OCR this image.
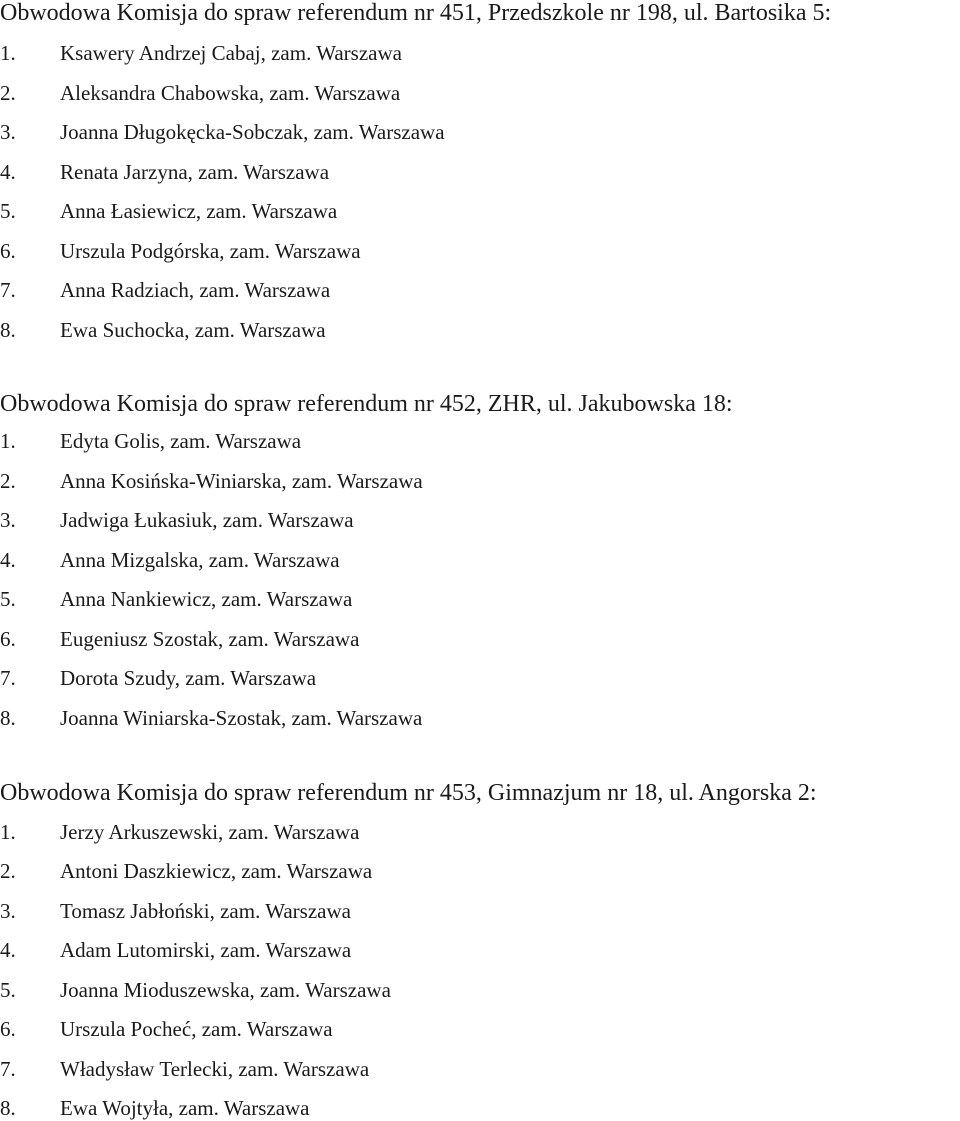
Obwodowa Komisja do spraw referendum nr 451, Przedszkole nr 198, ul. Bartosika 5:
1. Ksawery Andrzej Cabaj, zam. Warszawa
2. Aleksandra Chabowska, zam. Warszawa
3. Joanna Długokęcka-Sobczak, zam. Warszawa
4. Renata Jarzyna, zam. Warszawa
5. Anna Łasiewicz, zam. Warszawa
6. Urszula Podgórska, zam. Warszawa
7. Anna Radziach, zam. Warszawa
8. Ewa Suchocka, zam. Warszawa
Obwodowa Komisja do spraw referendum nr 452, ZHR, ul. Jakubowska 18:
1. Edyta Golis, zam. Warszawa
2. Anna Kosińska-Winiarska, zam. Warszawa
3. Jadwiga Łukasiuk, zam. Warszawa
4. Anna Mizgalska, zam. Warszawa
5. Anna Nankiewicz, zam. Warszawa
6. Eugeniusz Szostak, zam. Warszawa
7. Dorota Szudy, zam. Warszawa
8. Joanna Winiarska-Szostak, zam. Warszawa
Obwodowa Komisja do spraw referendum nr 453, Gimnazjum nr 18, ul. Angorska 2:
1. Jerzy Arkuszewski, zam. Warszawa
2. Antoni Daszkiewicz, zam. Warszawa
3. Tomasz Jabłoński, zam. Warszawa
4. Adam Lutomirski, zam. Warszawa
5. Joanna Mioduszewska, zam. Warszawa
6. Urszula Pocheć, zam. Warszawa
7. Władysław Terlecki, zam. Warszawa
8. Ewa Wojtyła, zam. Warszawa
